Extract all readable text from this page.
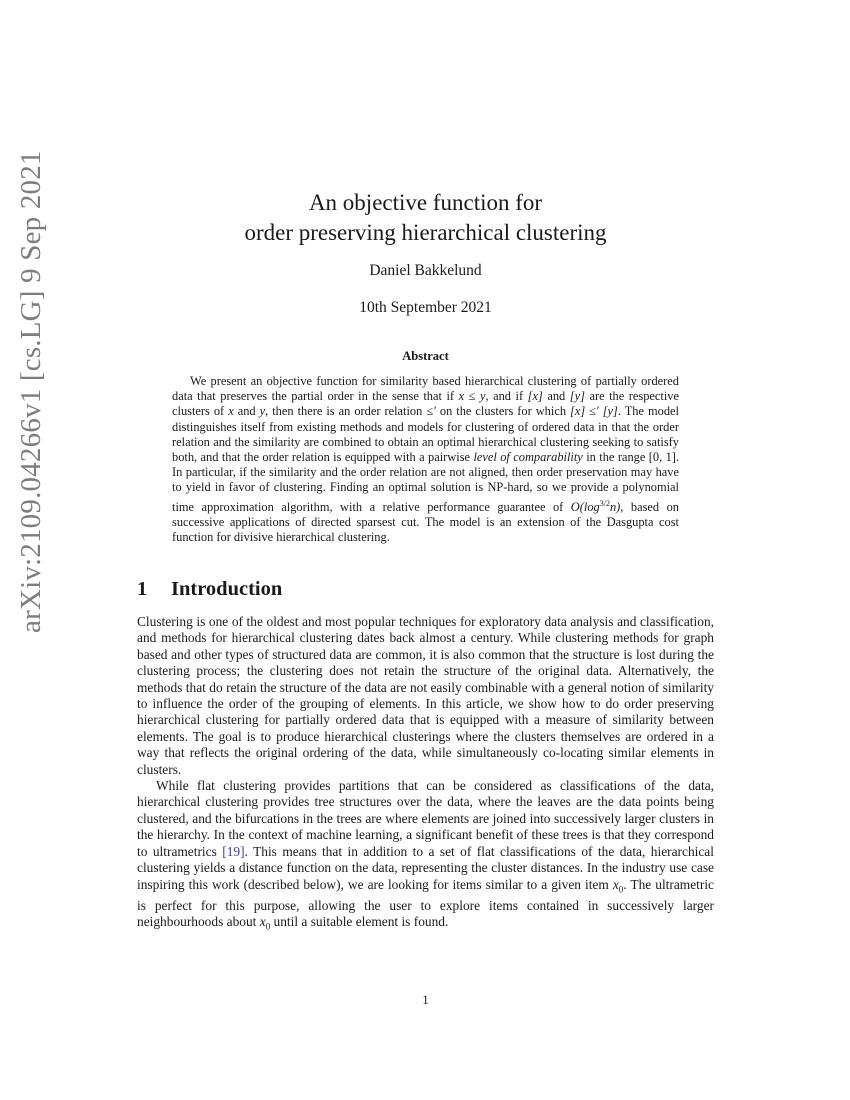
arXiv:2109.04266v1 [cs.LG] 9 Sep 2021	An objective function for
order preserving hierarchical clustering
Daniel Bakkelund
10th September 2021
Abstract

We present an objective function for similarity based hierarchical clustering of partially ordered data that preserves the partial order in the sense that if x ≤ y, and if [x] and [y] are the respective clusters of x and y, then there is an order relation ≤′ on the clusters for which [x] ≤′ [y]. The model distinguishes itself from existing methods and models for clustering of ordered data in that the order relation and the similarity are combined to obtain an optimal hierarchical clustering seeking to satisfy both, and that the order relation is equipped with a pairwise level of comparability in the range [0, 1]. In particular, if the similarity and the order relation are not aligned, then order preservation may have to yield in favor of clustering. Finding an optimal solution is NP-hard, so we provide a polynomial time approximation algorithm, with a relative performance guarantee of $O(\log^{3/2}n)$, based on successive applications of directed sparsest cut. The model is an extension of the Dasgupta cost function for divisive hierarchical clustering.

1 Introduction

Clustering is one of the oldest and most popular techniques for exploratory data analysis and classification, and methods for hierarchical clustering dates back almost a century. While clustering methods for graph based and other types of structured data are common, it is also common that the structure is lost during the clustering process; the clustering does not retain the structure of the original data. Alternatively, the methods that do retain the structure of the data are not easily combinable with a general notion of similarity to influence the order of the grouping of elements. In this article, we show how to do order preserving hierarchical clustering for partially ordered data that is equipped with a measure of similarity between elements. The goal is to produce hierarchical clusterings where the clusters themselves are ordered in a way that reflects the original ordering of the data, while simultaneously co-locating similar elements in clusters.

While flat clustering provides partitions that can be considered as classifications of the data, hierarchical clustering provides tree structures over the data, where the leaves are the data points being clustered, and the bifurcations in the trees are where elements are joined into successively larger clusters in the hierarchy. In the context of machine learning, a significant benefit of these trees is that they correspond to ultrametrics [19]. This means that in addition to a set of flat classifications of the data, hierarchical clustering yields a distance function on the data, representing the cluster distances. In the industry use case inspiring this work (described below), we are looking for items similar to a given item $x_0$. The ultrametric is perfect for this purpose, allowing the user to explore items contained in successively larger neighbourhoods about $x_0$ until a suitable element is found.

1
